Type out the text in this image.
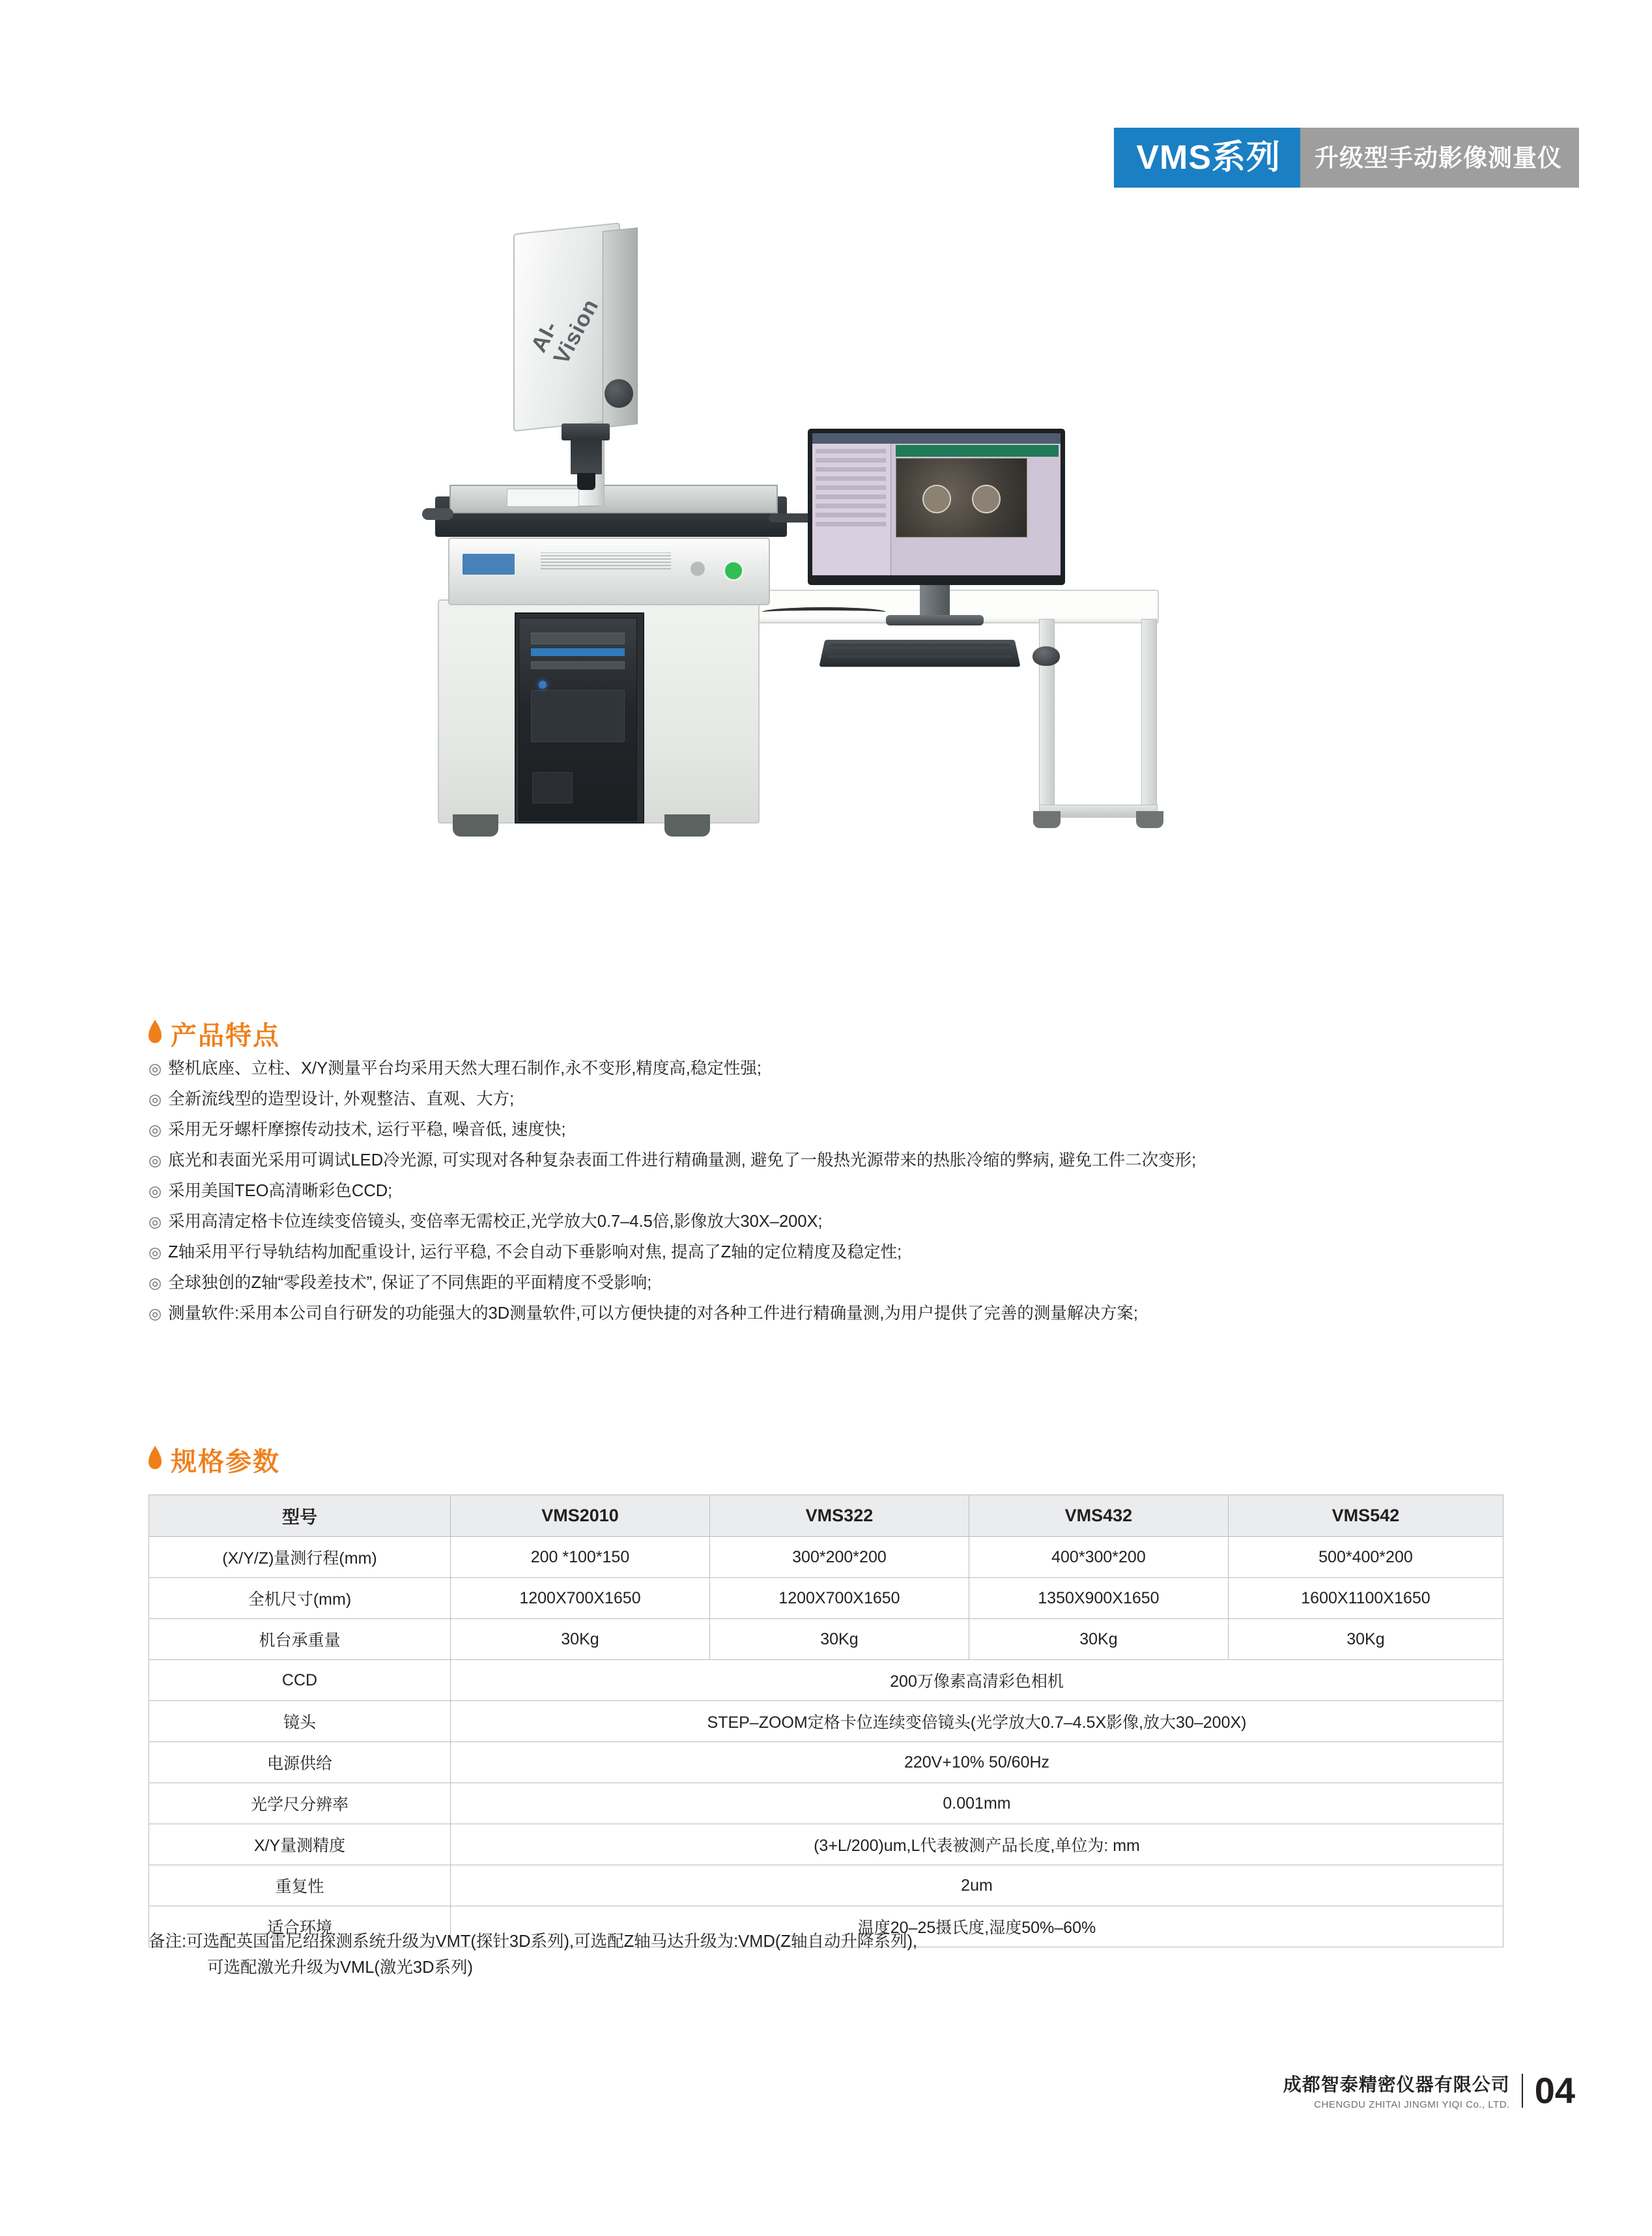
VMS系列 升级型手动影像测量仪
AI-Vision
产品特点
◎ 整机底座、立柱、X/Y测量平台均采用天然大理石制作,永不变形,精度高,稳定性强;
◎ 全新流线型的造型设计, 外观整洁、直观、大方;
◎ 采用无牙螺杆摩擦传动技术, 运行平稳, 噪音低, 速度快;
◎ 底光和表面光采用可调试LED冷光源, 可实现对各种复杂表面工件进行精确量测, 避免了一般热光源带来的热胀冷缩的弊病, 避免工件二次变形;
◎ 采用美国TEO高清晰彩色CCD;
◎ 采用高清定格卡位连续变倍镜头, 变倍率无需校正,光学放大0.7–4.5倍,影像放大30X–200X;
◎ Z轴采用平行导轨结构加配重设计, 运行平稳, 不会自动下垂影响对焦, 提高了Z轴的定位精度及稳定性;
◎ 全球独创的Z轴“零段差技术”, 保证了不同焦距的平面精度不受影响;
◎ 测量软件:采用本公司自行研发的功能强大的3D测量软件,可以方便快捷的对各种工件进行精确量测,为用户提供了完善的测量解决方案;
规格参数
型号	VMS2010	VMS322	VMS432	VMS542
(X/Y/Z)量测行程(mm)	200 *100*150	300*200*200	400*300*200	500*400*200
全机尺寸(mm)	1200X700X1650	1200X700X1650	1350X900X1650	1600X1100X1650
机台承重量	30Kg	30Kg	30Kg	30Kg
CCD	200万像素高清彩色相机			
镜头	STEP–ZOOM定格卡位连续变倍镜头(光学放大0.7–4.5X影像,放大30–200X)			
电源供给	220V+10% 50/60Hz			
光学尺分辨率	0.001mm			
X/Y量测精度	(3+L/200)um,L代表被测产品长度,单位为: mm			
重复性	2um			
适合环境	温度20–25摄氏度,湿度50%–60%			
备注:可选配英国雷尼绍探测系统升级为VMT(探针3D系列),可选配Z轴马达升级为:VMD(Z轴自动升降系列),
可选配激光升级为VML(激光3D系列)
成都智泰精密仪器有限公司
CHENGDU ZHITAI JINGMI YIQI Co., LTD. 04
